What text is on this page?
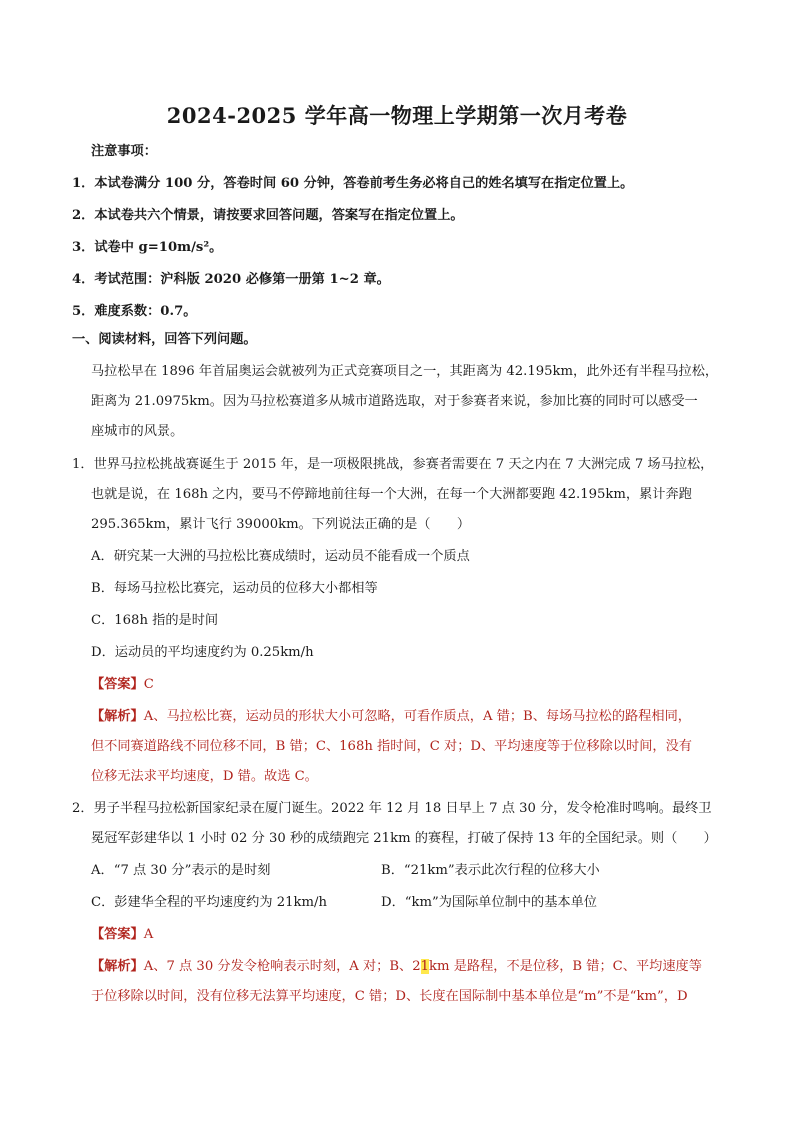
2024-2025 学年高一物理上学期第一次月考卷
注意事项：
1．本试卷满分 100 分，答卷时间 60 分钟，答卷前考生务必将自己的姓名填写在指定位置上。
2．本试卷共六个情景，请按要求回答问题，答案写在指定位置上。
3．试卷中 g=10m/s²。
4．考试范围：沪科版 2020 必修第一册第 1~2 章。
5．难度系数：0.7。
一、阅读材料，回答下列问题。
马拉松早在 1896 年首届奥运会就被列为正式竞赛项目之一，其距离为 42.195km，此外还有半程马拉松，
距离为 21.0975km。因为马拉松赛道多从城市道路选取，对于参赛者来说，参加比赛的同时可以感受一
座城市的风景。
1．世界马拉松挑战赛诞生于 2015 年，是一项极限挑战，参赛者需要在 7 天之内在 7 大洲完成 7 场马拉松，
也就是说，在 168h 之内，要马不停蹄地前往每一个大洲，在每一个大洲都要跑 42.195km，累计奔跑
295.365km，累计飞行 39000km。下列说法正确的是（　　）
A．研究某一大洲的马拉松比赛成绩时，运动员不能看成一个质点
B．每场马拉松比赛完，运动员的位移大小都相等
C．168h 指的是时间
D．运动员的平均速度约为 0.25km/h
【答案】C
【解析】A、马拉松比赛，运动员的形状大小可忽略，可看作质点，A 错；B、每场马拉松的路程相同，
但不同赛道路线不同位移不同，B 错；C、168h 指时间，C 对；D、平均速度等于位移除以时间，没有
位移无法求平均速度，D 错。故选 C。
2．男子半程马拉松新国家纪录在厦门诞生。2022 年 12 月 18 日早上 7 点 30 分，发令枪准时鸣响。最终卫
冕冠军彭建华以 1 小时 02 分 30 秒的成绩跑完 21km 的赛程，打破了保持 13 年的全国纪录。则（　　）
A．“7 点 30 分”表示的是时刻	B．“21km”表示此次行程的位移大小
C．彭建华全程的平均速度约为 21km/h	D．“km”为国际单位制中的基本单位
【答案】A
【解析】A、7 点 30 分发令枪响表示时刻，A 对；B、21km 是路程，不是位移，B 错；C、平均速度等
于位移除以时间，没有位移无法算平均速度，C 错；D、长度在国际制中基本单位是“m”不是“km”，D
